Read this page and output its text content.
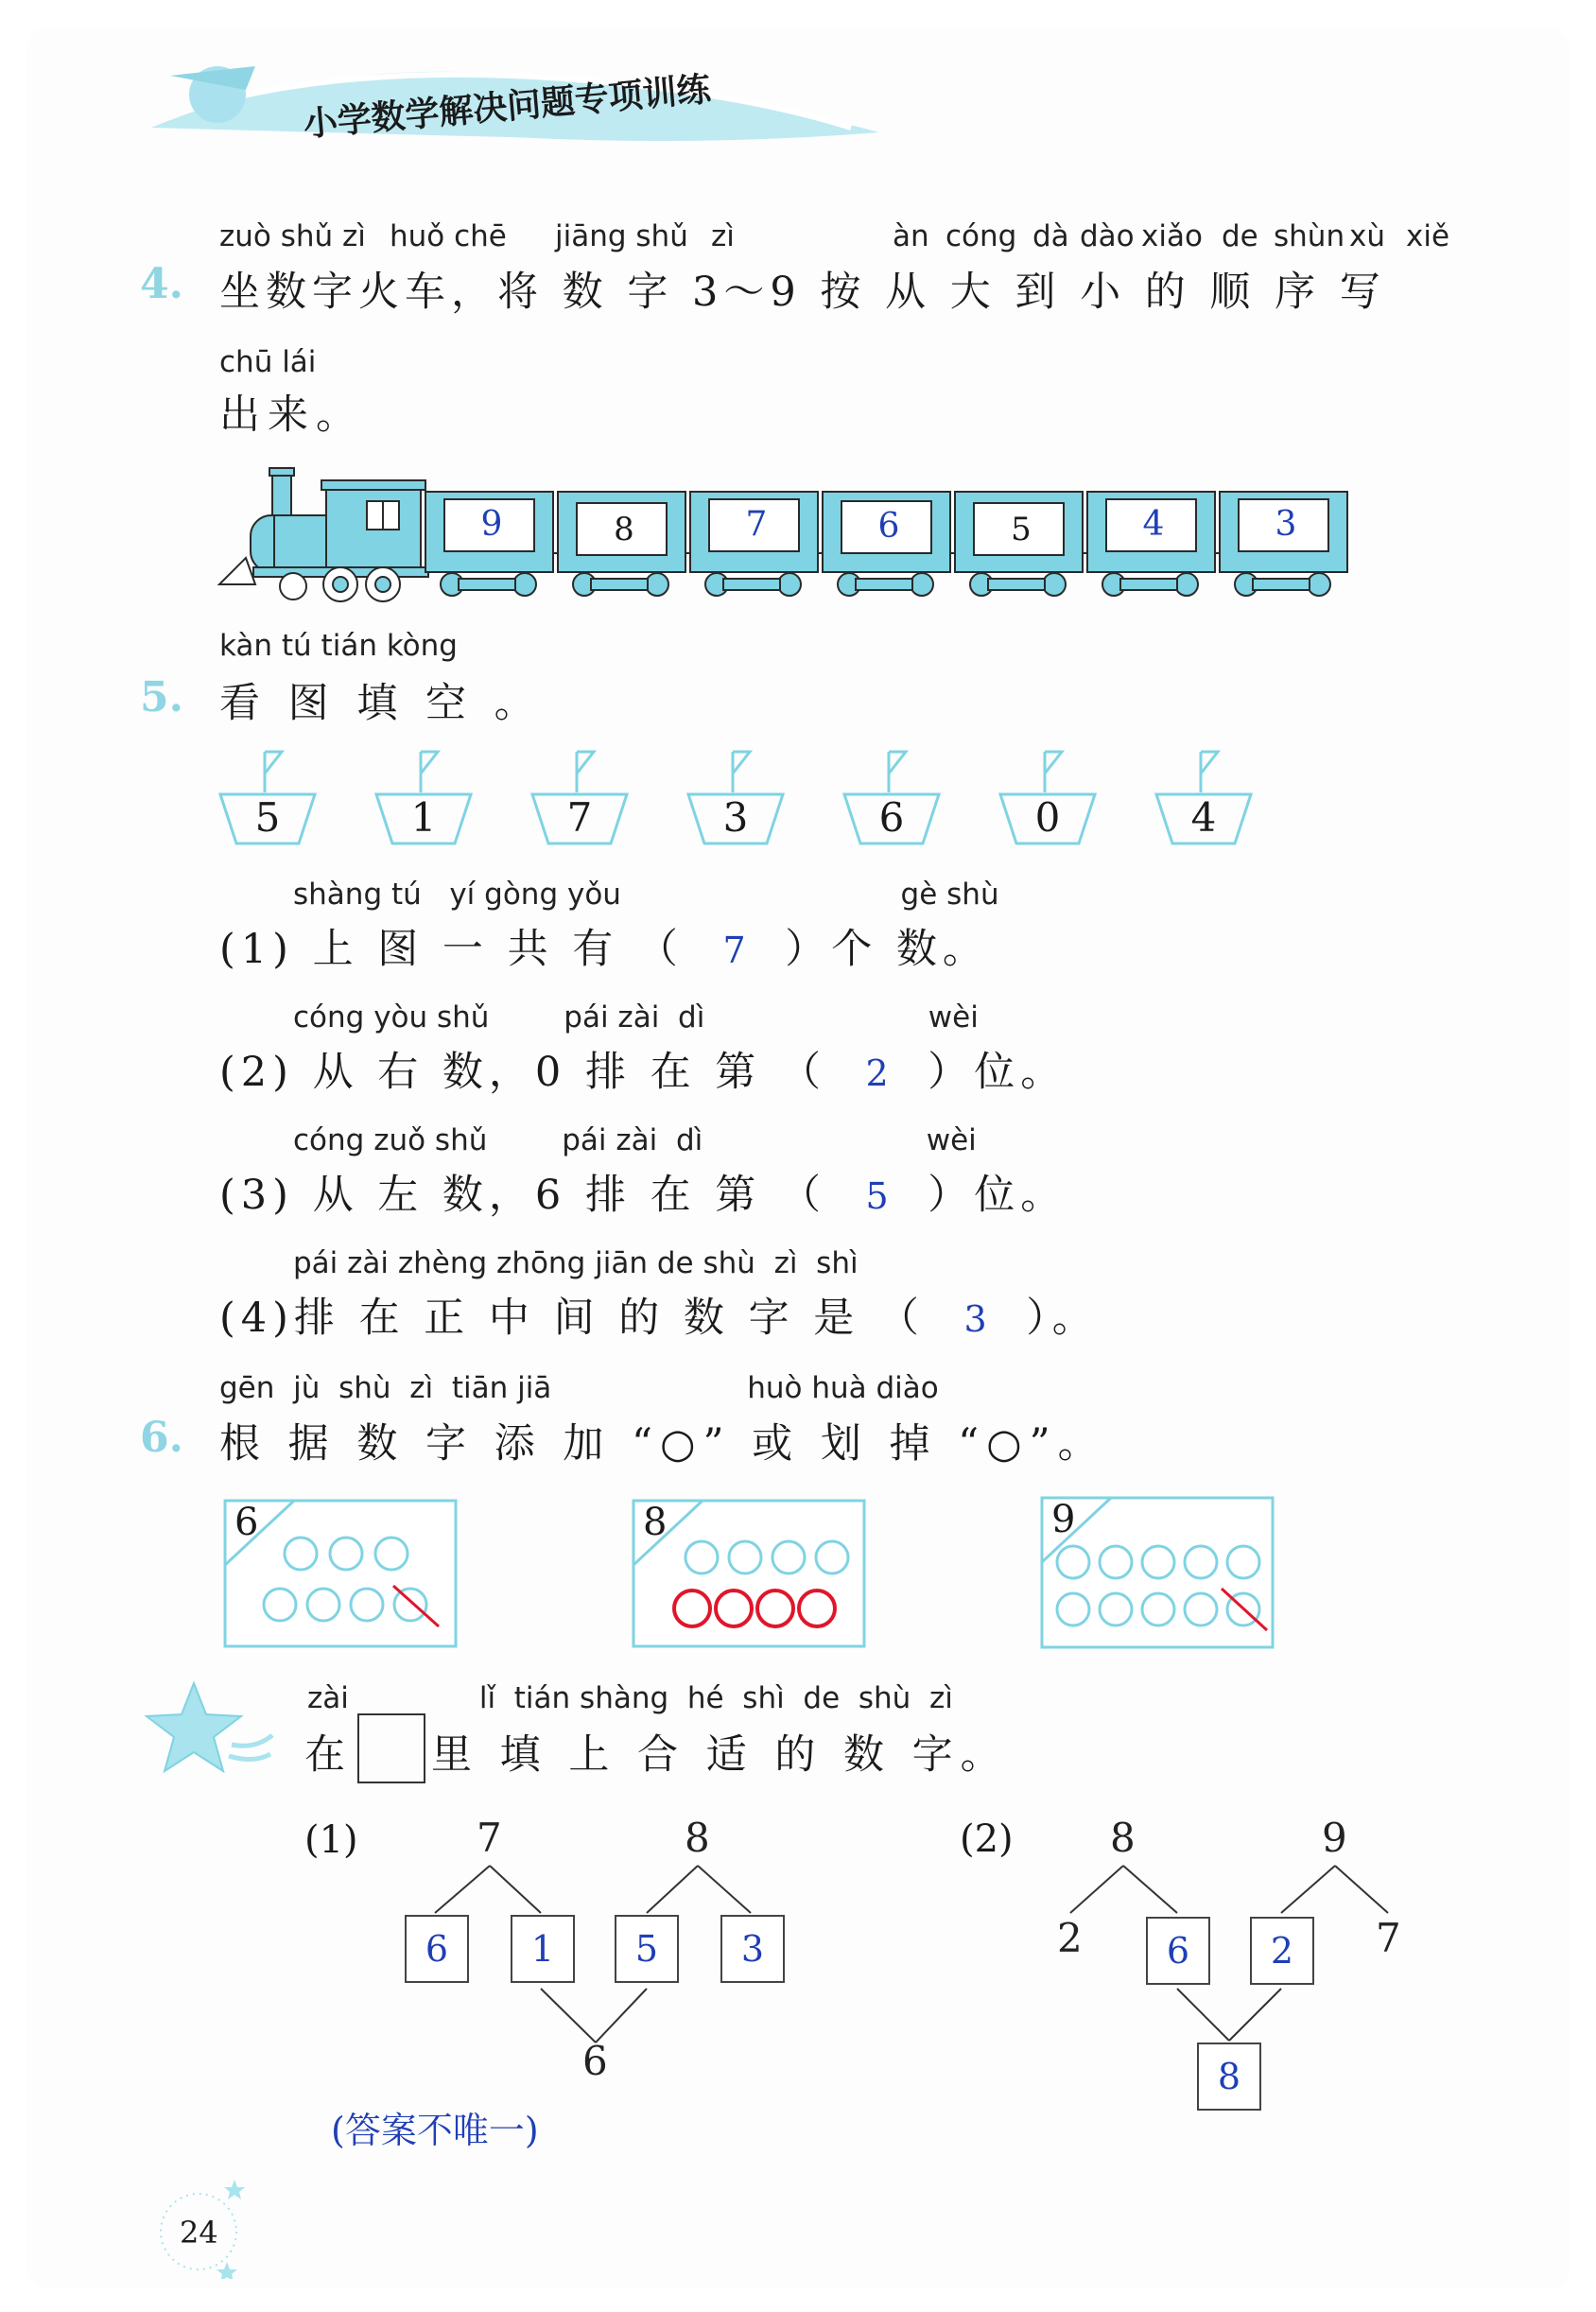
小学数学解决问题专项训练
4.
zuò shǔ zì huǒ chē jiāng shǔ zì	àn cóng dà dào xiǎo de shùn xù xiě
坐数字火车，将 数 字 3～9 按 从 大 到 小 的 顺 序 写
chū lái
出来。
9	8	7	6	5	4	3
kàn tú tián kòng
5. 看 图 填 空 。
5	1	7	3	6	0	4
shàng tú   yí gòng yǒu                              gè shù
(1) 上 图 一 共 有 （ 7 ）个 数。
cóng yòu shǔ        pái zài  dì                        wèi
(2) 从 右 数，0 排 在 第 （ 2 ）位。
cóng zuǒ shǔ        pái zài  dì                        wèi
(3) 从 左 数，6 排 在 第 （ 5 ）位。
pái zài zhèng zhōng jiān de shù  zì  shì
(4)排 在 正 中 间 的 数 字 是 （ 3 ）。
gēn  jù  shù  zì  tiān jiā                     huò huà diào
6. 根 据 数 字 添 加 “○” 或 划 掉 “○”。
6	8	9
zài              lǐ  tián shàng  hé  shì  de  shù  zì
在 里 填 上 合 适 的 数 字。
(1)	7	8
6	1	5	3
6
(答案不唯一)
(2) 8	9
2	6	2	7
8
24
